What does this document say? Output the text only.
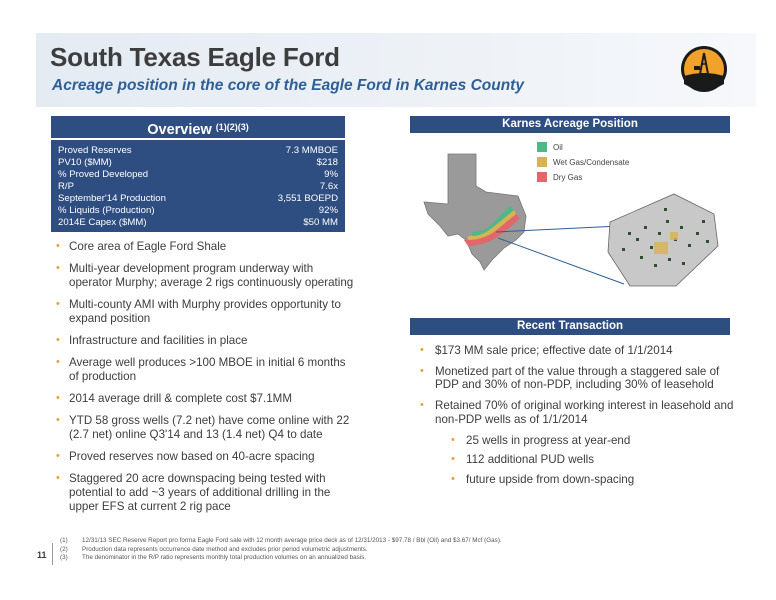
South Texas Eagle Ford
Acreage position in the core of the Eagle Ford in Karnes County
Overview $^{(1)(2)(3)}$
Proved Reserves	7.3 MMBOE
PV10 ($MM)	$218
% Proved Developed	9%
R/P	7.6x
September'14 Production	3,551 BOEPD
% Liquids (Production)	92%
2014E Capex ($MM)	$50 MM
• Core area of Eagle Ford Shale
• Multi-year development program underway with operator Murphy; average 2 rigs continuously operating
• Multi-county AMI with Murphy provides opportunity to expand position
• Infrastructure and facilities in place
• Average well produces >100 MBOE in initial 6 months of production
• 2014 average drill & complete cost $7.1MM
• YTD 58 gross wells (7.2 net) have come online with 22 (2.7 net) online Q3'14 and 13 (1.4 net) Q4 to date
• Proved reserves now based on 40-acre spacing
• Staggered 20 acre downspacing being tested with potential to add ~3 years of additional drilling in the upper EFS at current 2 rig pace
Karnes Acreage Position
Oil
Wet Gas/Condensate
Dry Gas
Recent Transaction
• $173 MM sale price; effective date of 1/1/2014
• Monetized part of the value through a staggered sale of PDP and 30% of non-PDP, including 30% of leasehold
• Retained 70% of original working interest in leasehold and non-PDP wells as of 1/1/2014
• 25 wells in progress at year-end
• 112 additional PUD wells
• future upside from down-spacing
11
(1) 12/31/13 SEC Reserve Report pro forma Eagle Ford sale with 12 month average price deck as of 12/31/2013 - $97.78 / Bbl (Oil) and $3.67/ Mcf (Gas).
(2) Production data represents occurrence date method and excludes prior period volumetric adjustments.
(3) The denominator in the R/P ratio represents monthly total production volumes on an annualized basis.
